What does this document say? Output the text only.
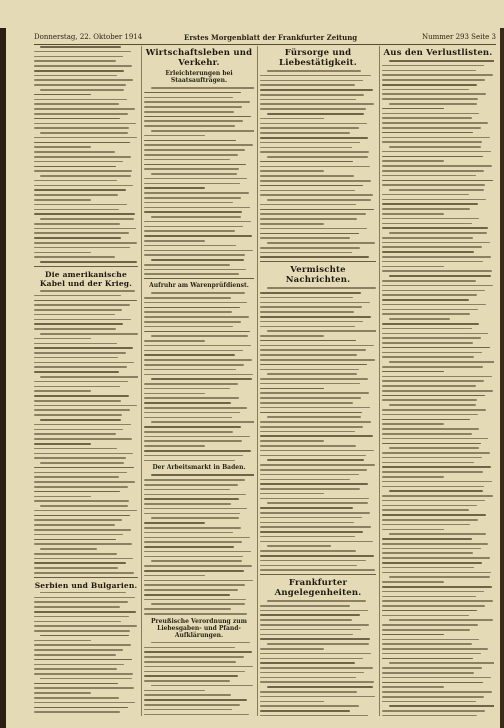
Donnerstag, 22. Oktober 1914	Erstes Morgenblatt der Frankfurter Zeitung	Nummer 293 Seite 3
Die amerikanische Kabel und der Krieg.
Serbien und Bulgarien.
Wirtschaftsleben und Verkehr.
Erleichterungen bei Staatsaufträgen.
Aufruhr am Warenprüfdienst.
Der Arbeitsmarkt in Baden.
Preußische Verordnung zum Liebesgaben- und Pfand-Aufklärungen.
Fürsorge und Liebestätigkeit.
Vermischte Nachrichten.
Frankfurter Angelegenheiten.
Aus den Verlustlisten.
